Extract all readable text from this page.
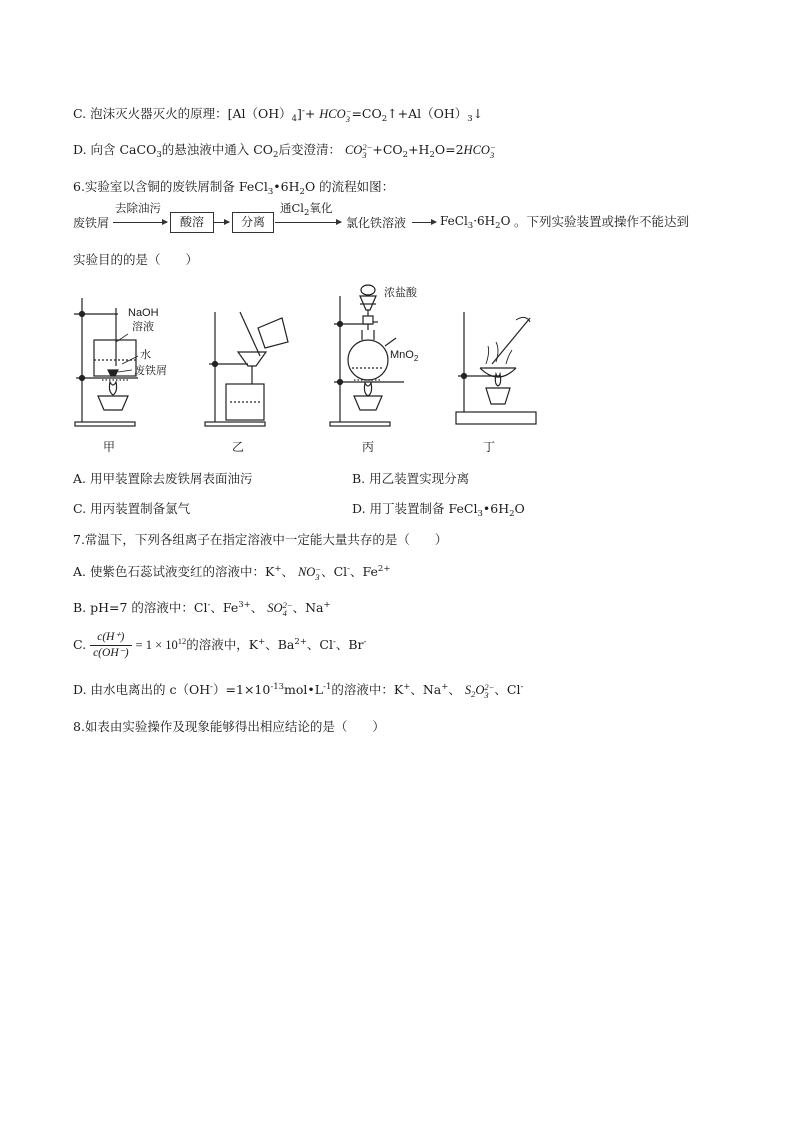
C. 泡沫灭火器灭火的原理：$[Al(OH)_4]^-+$ HCO −
$3 =CO_2↑+Al(OH)_3↓$
D. 向含 CaCO$_3$的悬浊液中通入 $CO_2$后变澄清： CO 2−
$3 +CO_2+H_2O=2HCO$ −
3
6.实验室以含铜的废铁屑制备 $FeCl_3•6H_2O$ 的流程如图：
废铁屑
去除油污
酸溶	分离
通$Cl_2$氧化
氯化铁溶液	$FeCl_3\cdot 6H_2O$ 。下列实验装置或操作不能达到
实验目的的是（　　）
NaOH
溶液
水
废铁屑
浓盐酸
MnO$_2$
甲	乙	丙	丁
A. 用甲装置除去废铁屑表面油污	B. 用乙装置实现分离
C. 用丙装置制备氯气	D. 用丁装置制备 $FeCl_3•6H_2O$
7.常温下，下列各组离子在指定溶液中一定能大量共存的是（　　）
A. 使紫色石蕊试液变红的溶液中：K+、 NO −
3 、Cl-、$Fe^{2+}$
B. pH=7 的溶液中：Cl-、$Fe^{3+}$、 SO 2−
4 、Na+
C. $\frac{c(H^+)}{c(OH^-)} = 1 \times 10^{12}$的溶液中，K+、$Ba^{2+}$、Cl-、Br-
D. 由水电离出的 $c(OH^-)=1\times 10^{-13}mol•L^{-1}$的溶液中：K+、Na+、 $S_2O$ 2−
3 、Cl-
8.如表由实验操作及现象能够得出相应结论的是（　　）
